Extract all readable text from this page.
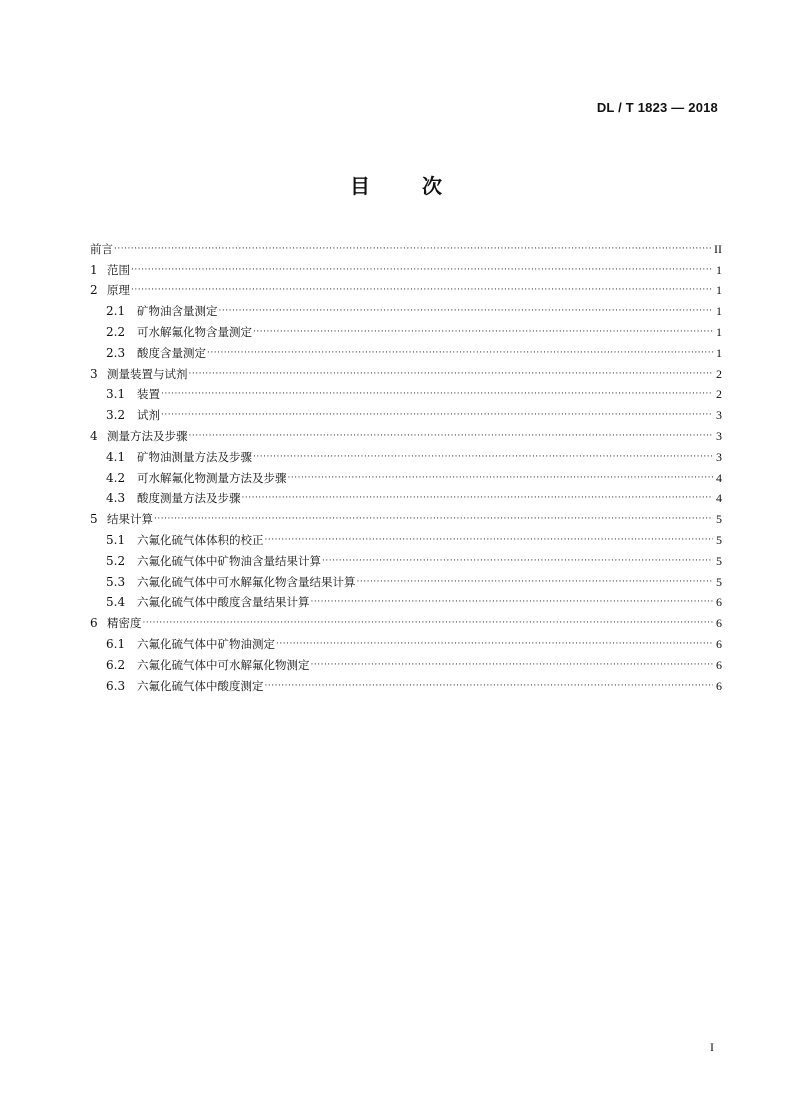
DL / T 1823 — 2018
目	次
前言 ·····	II
1 范围 ·····	1
2 原理 ·····	1
2.1	矿物油含量测定 ·····	1
2.2	可水解氟化物含量测定 ·····	1
2.3	酸度含量测定 ·····	1
3 测量装置与试剂 ·····	2
3.1	装置 ·····	2
3.2	试剂 ·····	3
4 测量方法及步骤 ·····	3
4.1	矿物油测量方法及步骤 ·····	3
4.2	可水解氟化物测量方法及步骤 ·····	4
4.3	酸度测量方法及步骤 ·····	4
5 结果计算 ·····	5
5.1	六氟化硫气体体积的校正 ·····	5
5.2	六氟化硫气体中矿物油含量结果计算 ·····	5
5.3	六氟化硫气体中可水解氟化物含量结果计算 ·····	5
5.4	六氟化硫气体中酸度含量结果计算 ·····	6
6 精密度 ·····	6
6.1	六氟化硫气体中矿物油测定 ·····	6
6.2	六氟化硫气体中可水解氟化物测定 ·····	6
6.3	六氟化硫气体中酸度测定 ·····	6
I
